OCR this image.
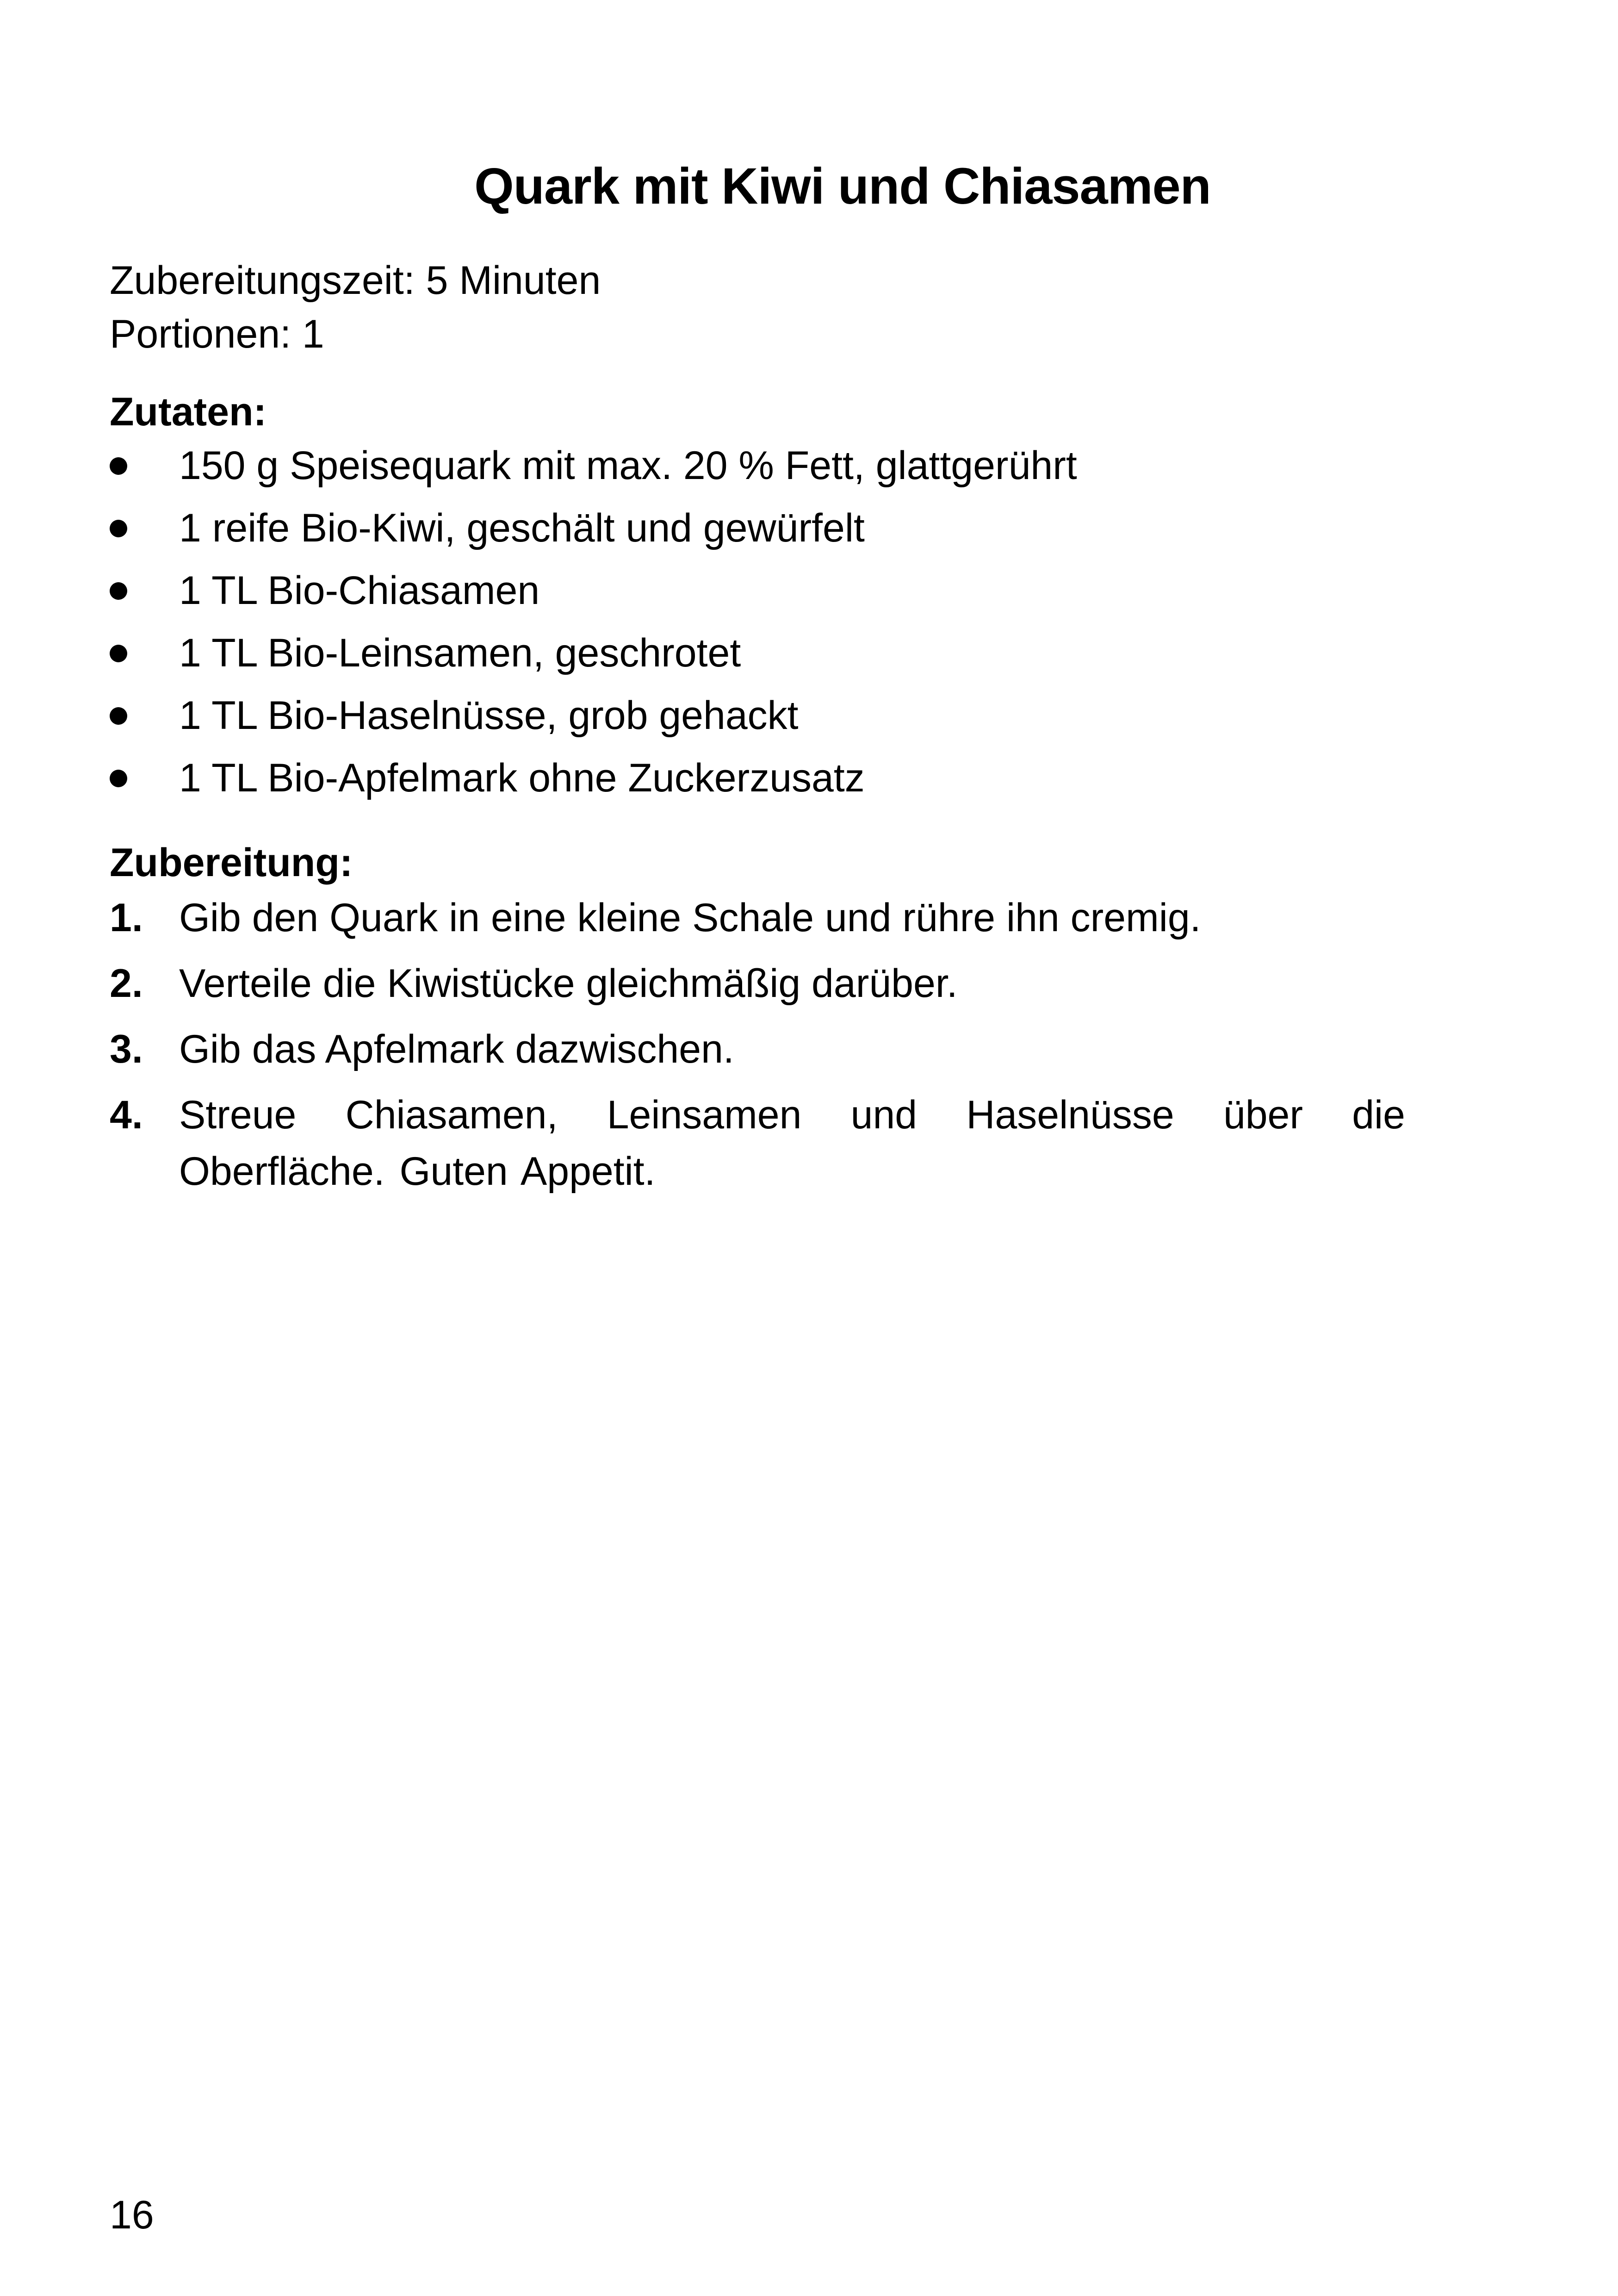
Quark mit Kiwi und Chiasamen
Zubereitungszeit: 5 Minuten
Portionen: 1
Zutaten:
150 g Speisequark mit max. 20 % Fett, glattgerührt
1 reife Bio-Kiwi, geschält und gewürfelt
1 TL Bio-Chiasamen
1 TL Bio-Leinsamen, geschrotet
1 TL Bio-Haselnüsse, grob gehackt
1 TL Bio-Apfelmark ohne Zuckerzusatz
Zubereitung:
1. Gib den Quark in eine kleine Schale und rühre ihn cremig.
2. Verteile die Kiwistücke gleichmäßig darüber.
3. Gib das Apfelmark dazwischen.
4. Streue Chiasamen, Leinsamen und Haselnüsse über die Oberfläche. Guten Appetit.
16
